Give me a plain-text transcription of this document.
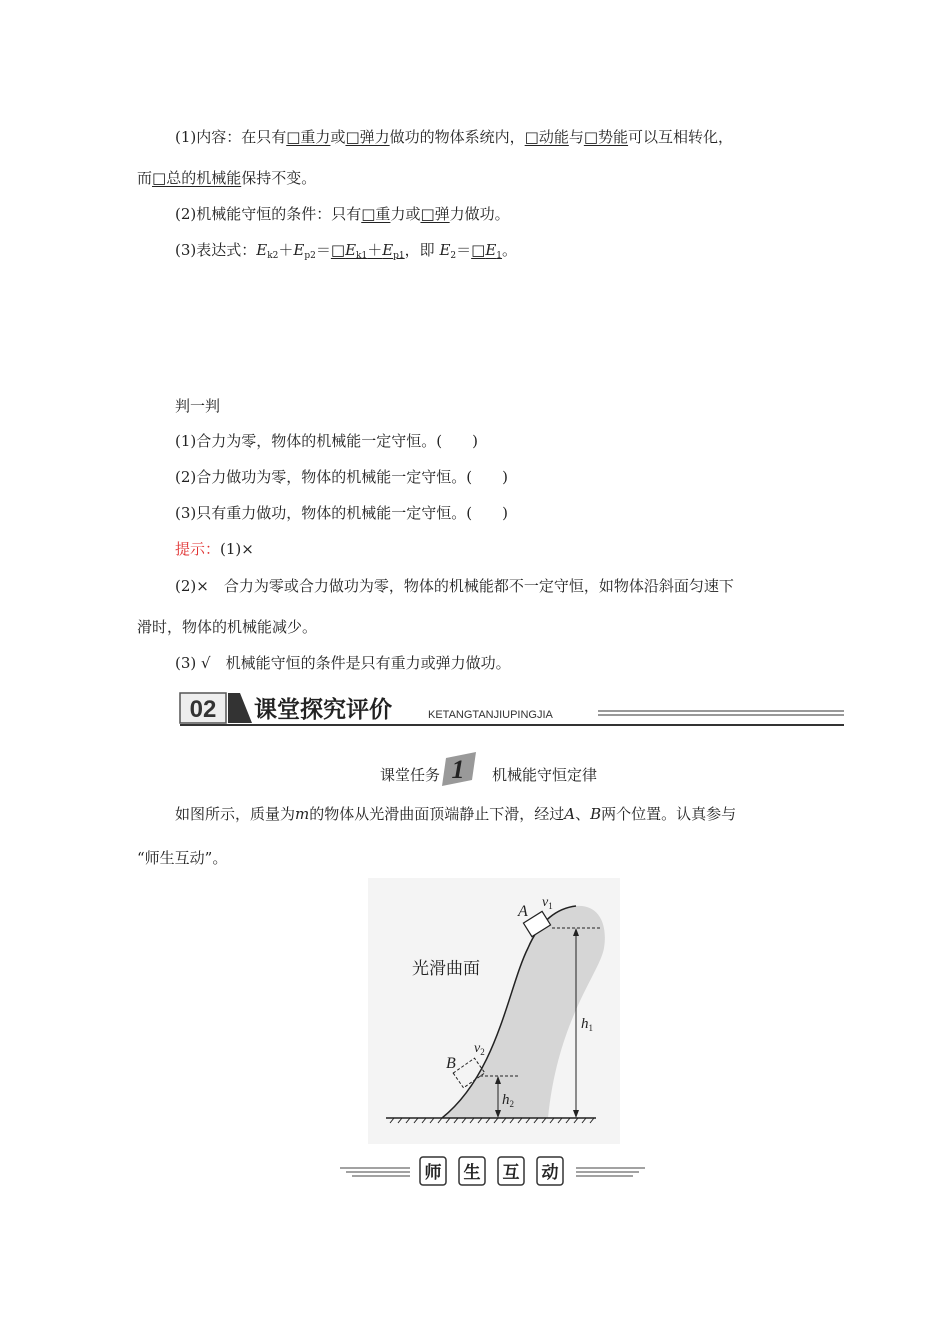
(1)内容：在只有□重力或□弹力做功的物体系统内，□动能与□势能可以互相转化，
而□总的机械能保持不变。
(2)机械能守恒的条件：只有□重力或□弹力做功。
(3)表达式：$E_{k2}+E_{p2}=□E_{k1}+E_{p1}$，即 $E_2=□E_1$。
判一判
(1)合力为零，物体的机械能一定守恒。(　　)
(2)合力做功为零，物体的机械能一定守恒。(　　)
(3)只有重力做功，物体的机械能一定守恒。(　　)
提示：(1)×
(2)×　合力为零或合力做功为零，物体的机械能都不一定守恒，如物体沿斜面匀速下
滑时，物体的机械能减少。
(3) √　机械能守恒的条件是只有重力或弹力做功。
02 课堂探究评价	KETANGTANJIUPINGJIA
课堂任务 1 机械能守恒定律
如图所示，质量为m的物体从光滑曲面顶端静止下滑，经过A、B两个位置。认真参与
“师生互动”。
光滑曲面
A
$v_1$
B
$v_2$
$h_1$
$h_2$
师 生 互 动
